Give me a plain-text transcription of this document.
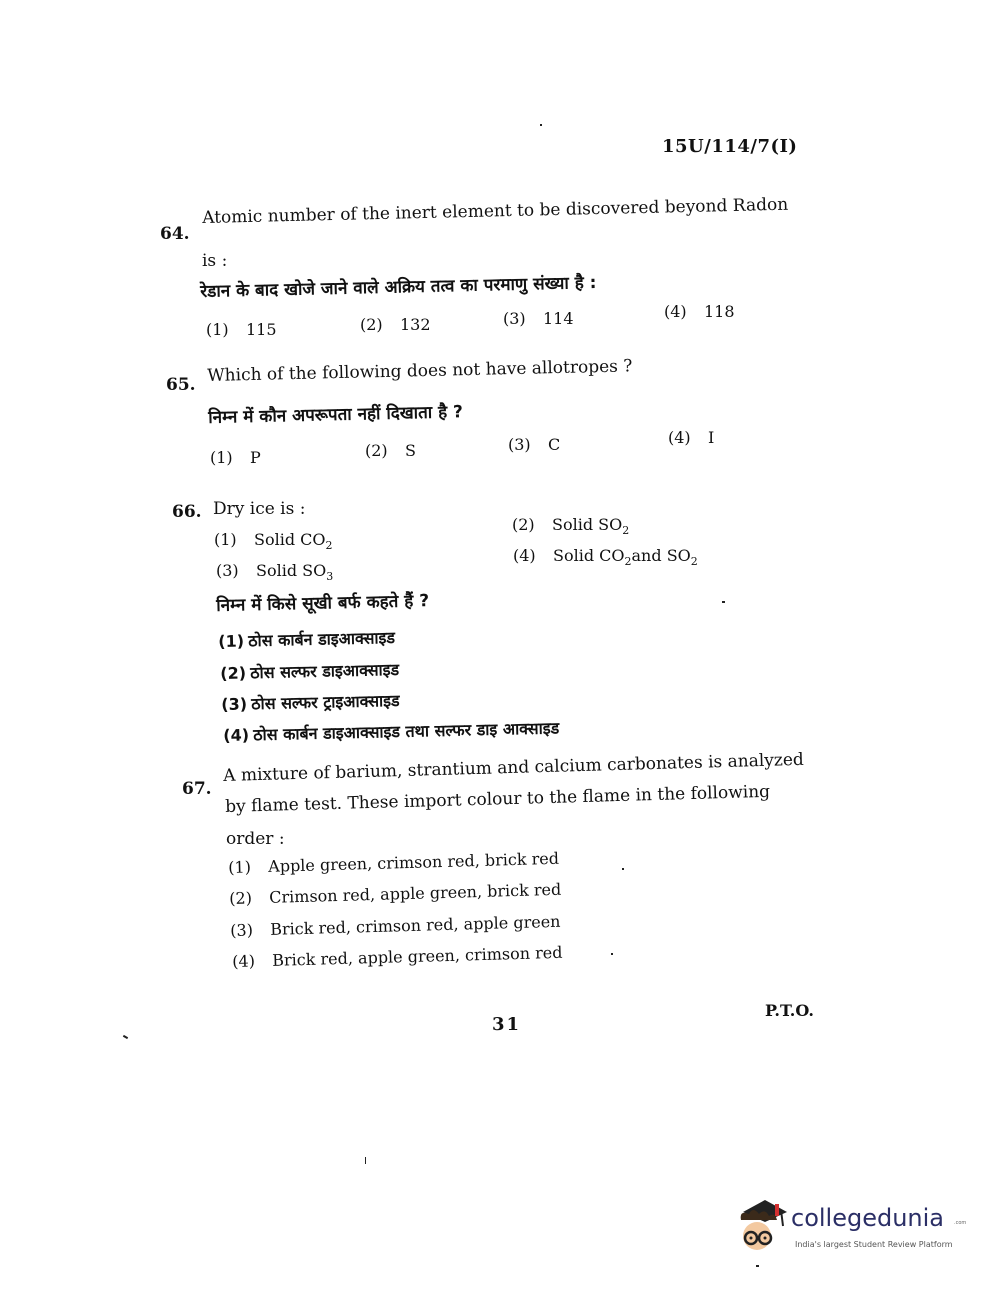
15U/114/7(I)
64.
Atomic number of the inert element to be discovered beyond Radon
is :
रेडान के बाद खोजे जाने वाले अक्रिय तत्व का परमाणु संख्या है :
(1) 115	(2) 132	(3) 114	(4) 118
65. Which of the following does not have allotropes ?
निम्न में कौन अपरूपता नहीं दिखाता है ?
(1) P	(2) S	(3) C	(4) I
66. Dry ice is :
(1) Solid $CO_2$
(2) Solid $SO_2$
(3) Solid $SO_3$
(4) Solid $CO_2and$ $SO_2$
निम्न में किसे सूखी बर्फ कहते हैं ?
(1) ठोस कार्बन डाइआक्साइड
(2) ठोस सल्फर डाइआक्साइड
(3) ठोस सल्फर ट्राइआक्साइड
(4) ठोस कार्बन डाइआक्साइड तथा सल्फर डाइ आक्साइड
67.
A mixture of barium, strantium and calcium carbonates is analyzed
by flame test. These import colour to the flame in the following
order :
(1) Apple green, crimson red, brick red
(2) Crimson red, apple green, brick red
(3) Brick red, crimson red, apple green
(4) Brick red, apple green, crimson red
31
P.T.O.
collegedunia .com
India's largest Student Review Platform
